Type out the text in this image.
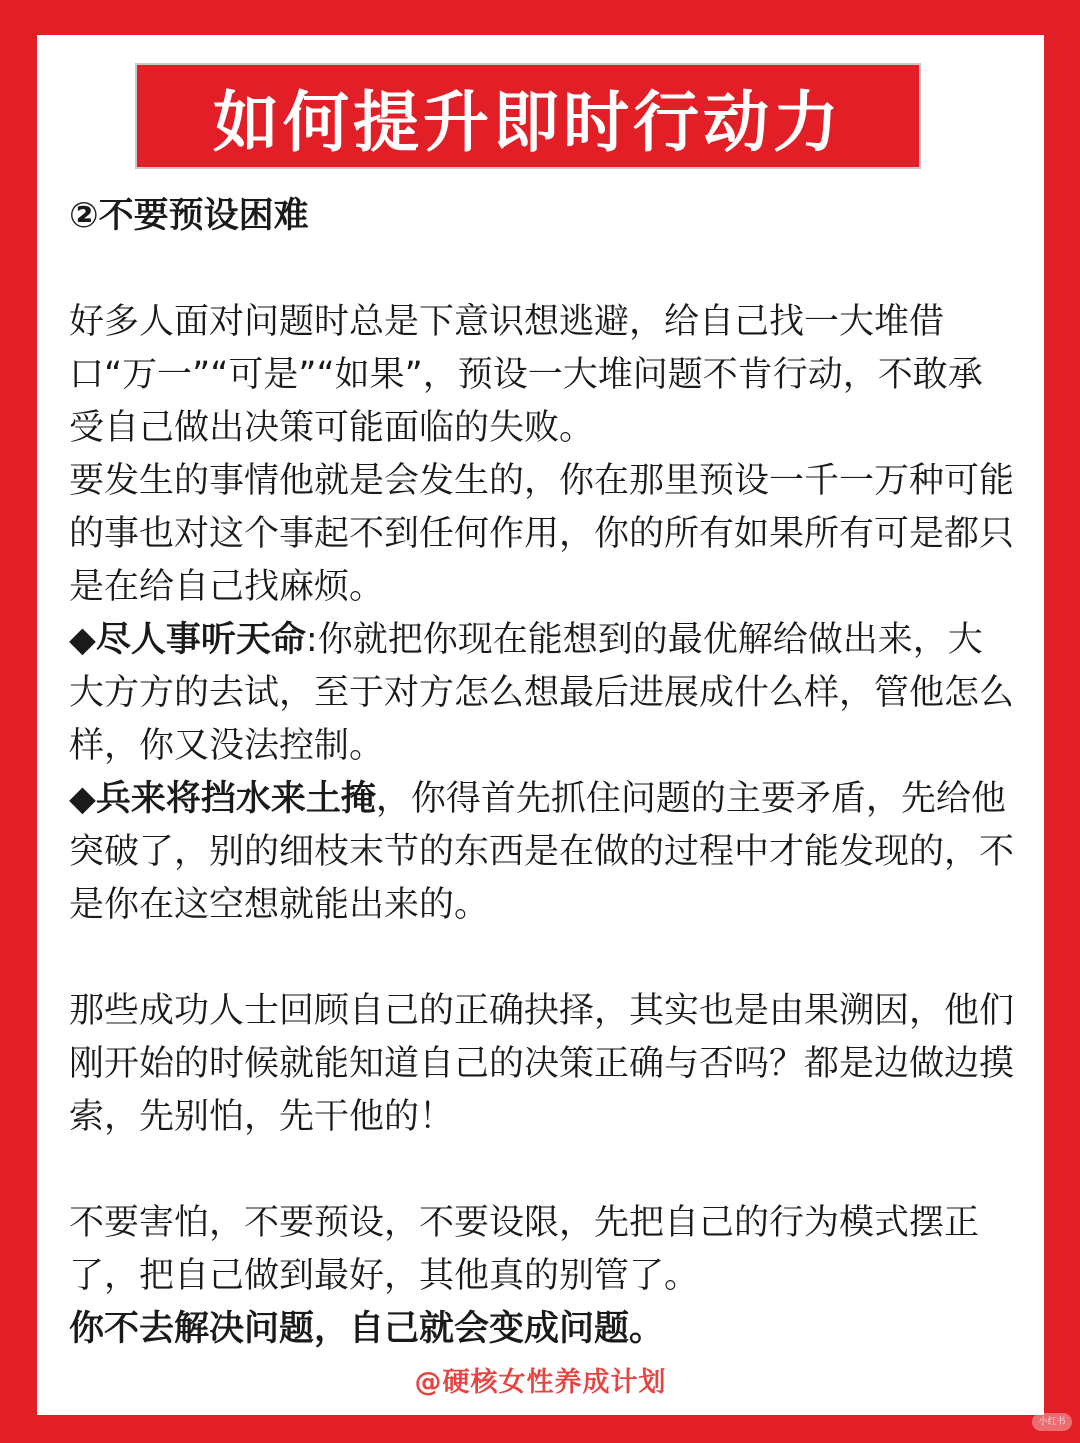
如何提升即时行动力

②不要预设困难

好多人面对问题时总是下意识想逃避，给自己找一大堆借口“万一”“可是”“如果”，预设一大堆问题不肯行动，不敢承受自己做出决策可能面临的失败。

要发生的事情他就是会发生的，你在那里预设一千一万种可能的事也对这个事起不到任何作用，你的所有如果所有可是都只是在给自己找麻烦。

◆尽人事听天命:你就把你现在能想到的最优解给做出来，大大方方的去试，至于对方怎么想最后进展成什么样，管他怎么样，你又没法控制。

◆兵来将挡水来土掩，你得首先抓住问题的主要矛盾，先给他突破了，别的细枝末节的东西是在做的过程中才能发现的，不是你在这空想就能出来的。

那些成功人士回顾自己的正确抉择，其实也是由果溯因，他们刚开始的时候就能知道自己的决策正确与否吗？都是边做边摸索，先别怕，先干他的！

不要害怕，不要预设，不要设限，先把自己的行为模式摆正了，把自己做到最好，其他真的别管了。

你不去解决问题，自己就会变成问题。

@硬核女性养成计划
小红书
